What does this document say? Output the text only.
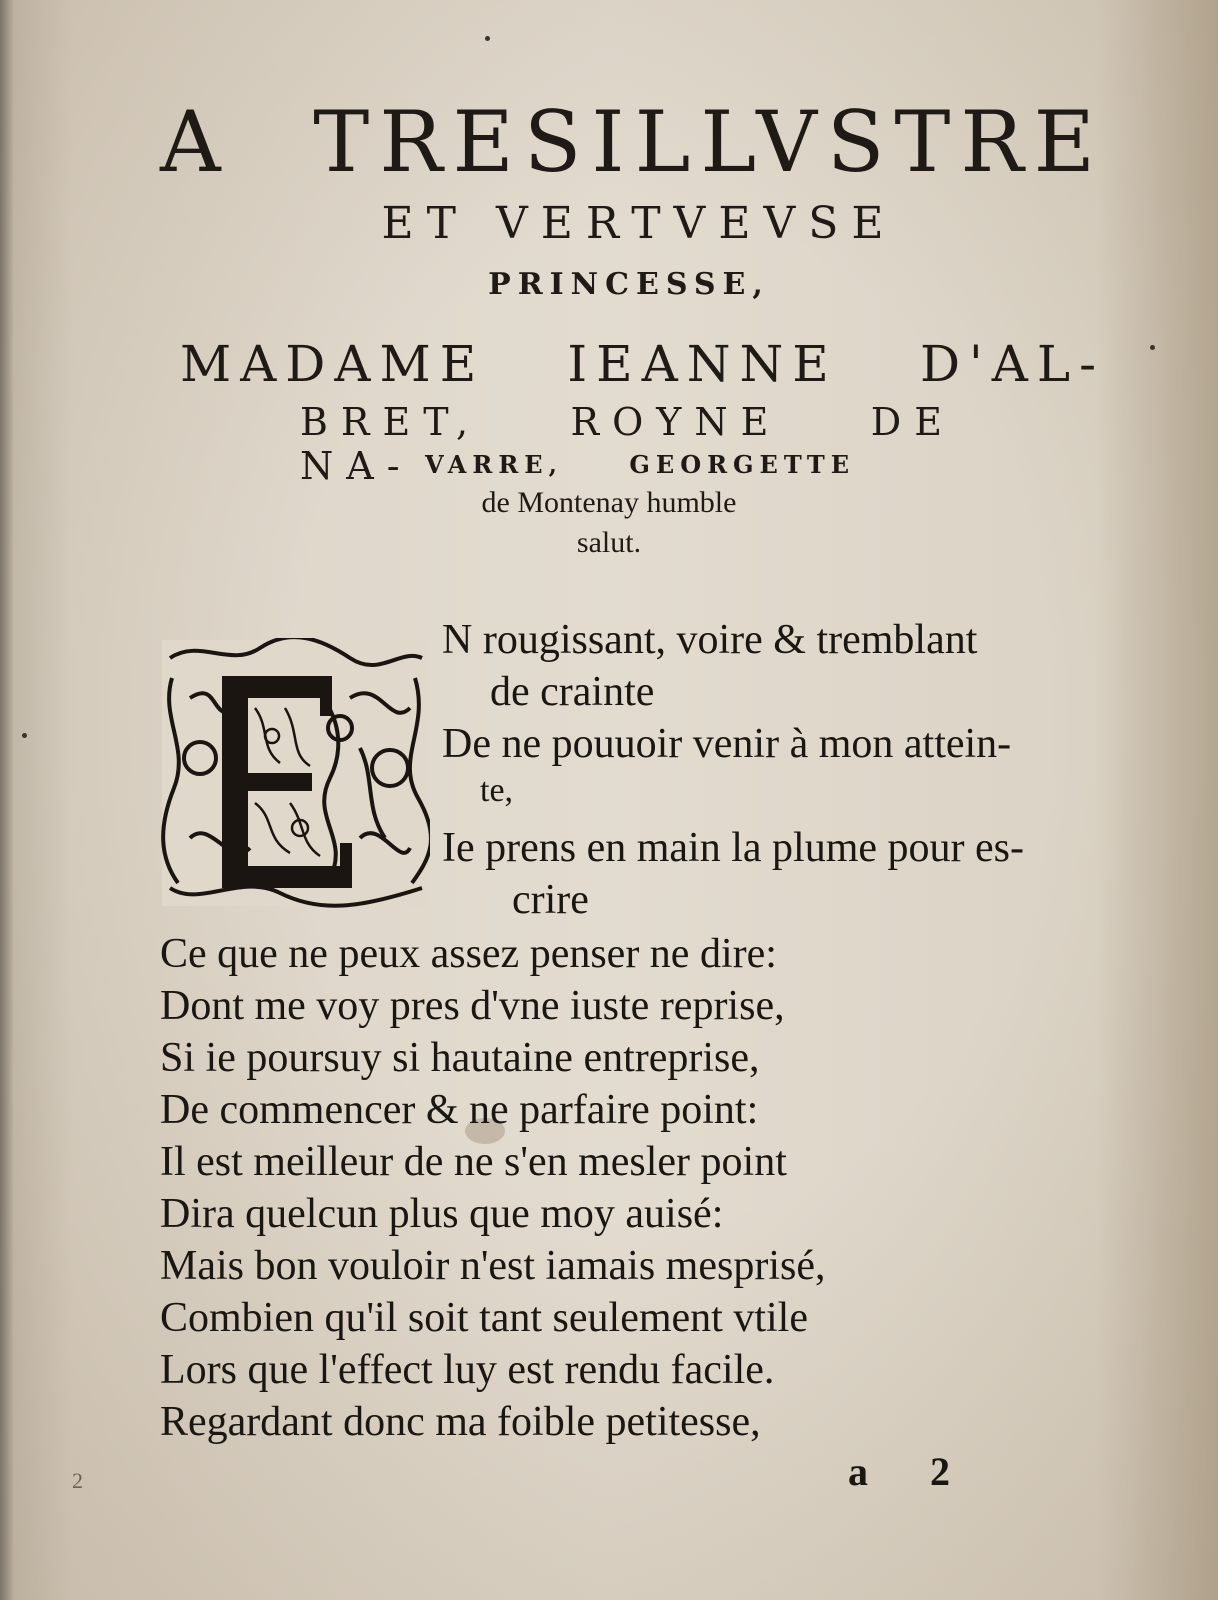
A TRESILLVSTRE
ET VERTVEVSE
PRINCESSE,
MADAME IEANNE D'AL-
BRET, ROYNE DE NA- VARRE, GEORGETTE
de Montenay humble
salut.
N rougissant, voire & tremblant
de crainte
De ne pouuoir venir à mon attein-
te,
Ie prens en main la plume pour es-
crire
Ce que ne peux assez penser ne dire:
Dont me voy pres d'vne iuste reprise,
Si ie poursuy si hautaine entreprise,
De commencer & ne parfaire point:
Il est meilleur de ne s'en mesler point
Dira quelcun plus que moy auisé:
Mais bon vouloir n'est iamais mesprisé,
Combien qu'il soit tant seulement vtile
Lors que l'effect luy est rendu facile.
Regardant donc ma foible petitesse,
a 2
2
